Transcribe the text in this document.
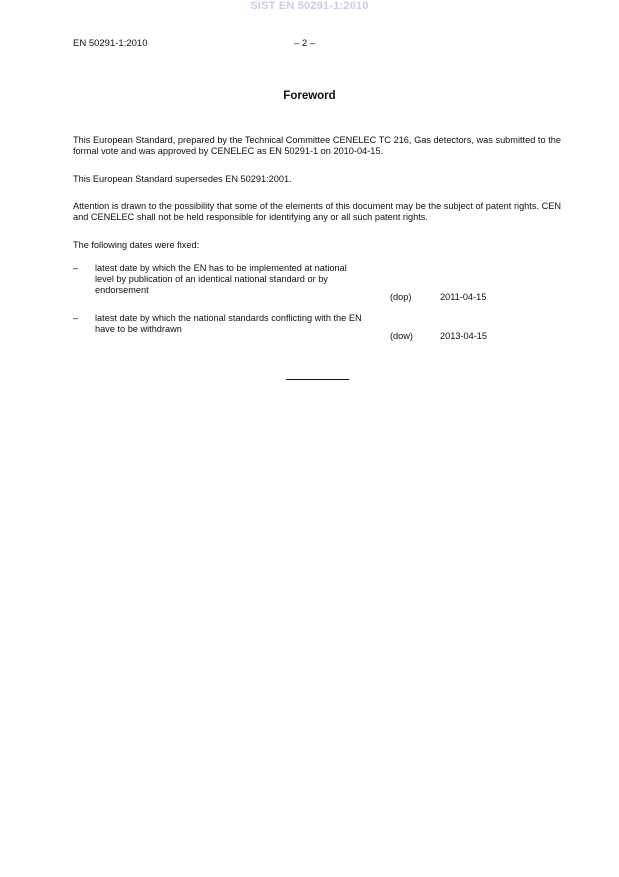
SIST EN 50291-1:2010
EN 50291-1:2010	– 2 –
Foreword
This European Standard, prepared by the Technical Committee CENELEC TC 216, Gas detectors, was submitted to the formal vote and was approved by CENELEC as EN 50291-1 on 2010-04-15.
This European Standard supersedes EN 50291:2001.
Attention is drawn to the possibility that some of the elements of this document may be the subject of patent rights. CEN and CENELEC shall not be held responsible for identifying any or all such patent rights.
The following dates were fixed:
– latest date by which the EN has to be implemented at national level by publication of an identical national standard or by endorsement
(dop)	2011-04-15
– latest date by which the national standards conflicting with the EN have to be withdrawn
(dow)	2013-04-15
